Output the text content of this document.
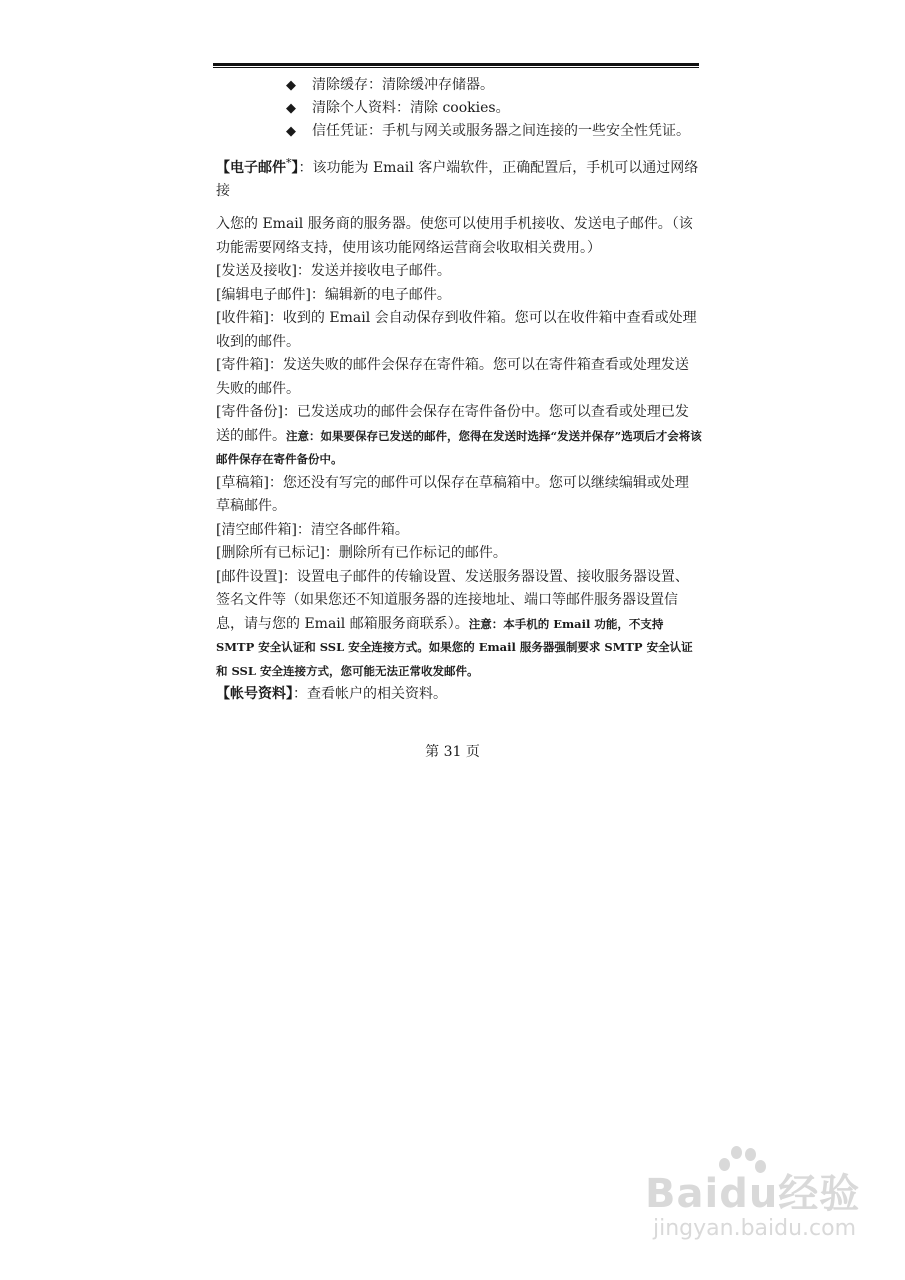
◆ 清除缓存：清除缓冲存储器。
◆ 清除个人资料：清除 cookies。
◆ 信任凭证：手机与网关或服务器之间连接的一些安全性凭证。

【电子邮件*】：该功能为 Email 客户端软件，正确配置后，手机可以通过网络接

入您的 Email 服务商的服务器。使您可以使用手机接收、发送电子邮件。（该功能需要网络支持，使用该功能网络运营商会收取相关费用。）

[发送及接收]：发送并接收电子邮件。

[编辑电子邮件]：编辑新的电子邮件。

[收件箱]：收到的 Email 会自动保存到收件箱。您可以在收件箱中查看或处理收到的邮件。

[寄件箱]：发送失败的邮件会保存在寄件箱。您可以在寄件箱查看或处理发送失败的邮件。

[寄件备份]：已发送成功的邮件会保存在寄件备份中。您可以查看或处理已发送的邮件。注意：如果要保存已发送的邮件，您得在发送时选择“发送并保存”选项后才会将该邮件保存在寄件备份中。

[草稿箱]：您还没有写完的邮件可以保存在草稿箱中。您可以继续编辑或处理草稿邮件。

[清空邮件箱]：清空各邮件箱。

[删除所有已标记]：删除所有已作标记的邮件。

[邮件设置]：设置电子邮件的传输设置、发送服务器设置、接收服务器设置、签名文件等（如果您还不知道服务器的连接地址、端口等邮件服务器设置信息，请与您的 Email 邮箱服务商联系）。注意：本手机的 Email 功能，不支持 SMTP 安全认证和 SSL 安全连接方式。如果您的 Email 服务器强制要求 SMTP 安全认证和 SSL 安全连接方式，您可能无法正常收发邮件。

【帐号资料】：查看帐户的相关资料。

第 31 页
Baidu经验
jingyan.baidu.com
